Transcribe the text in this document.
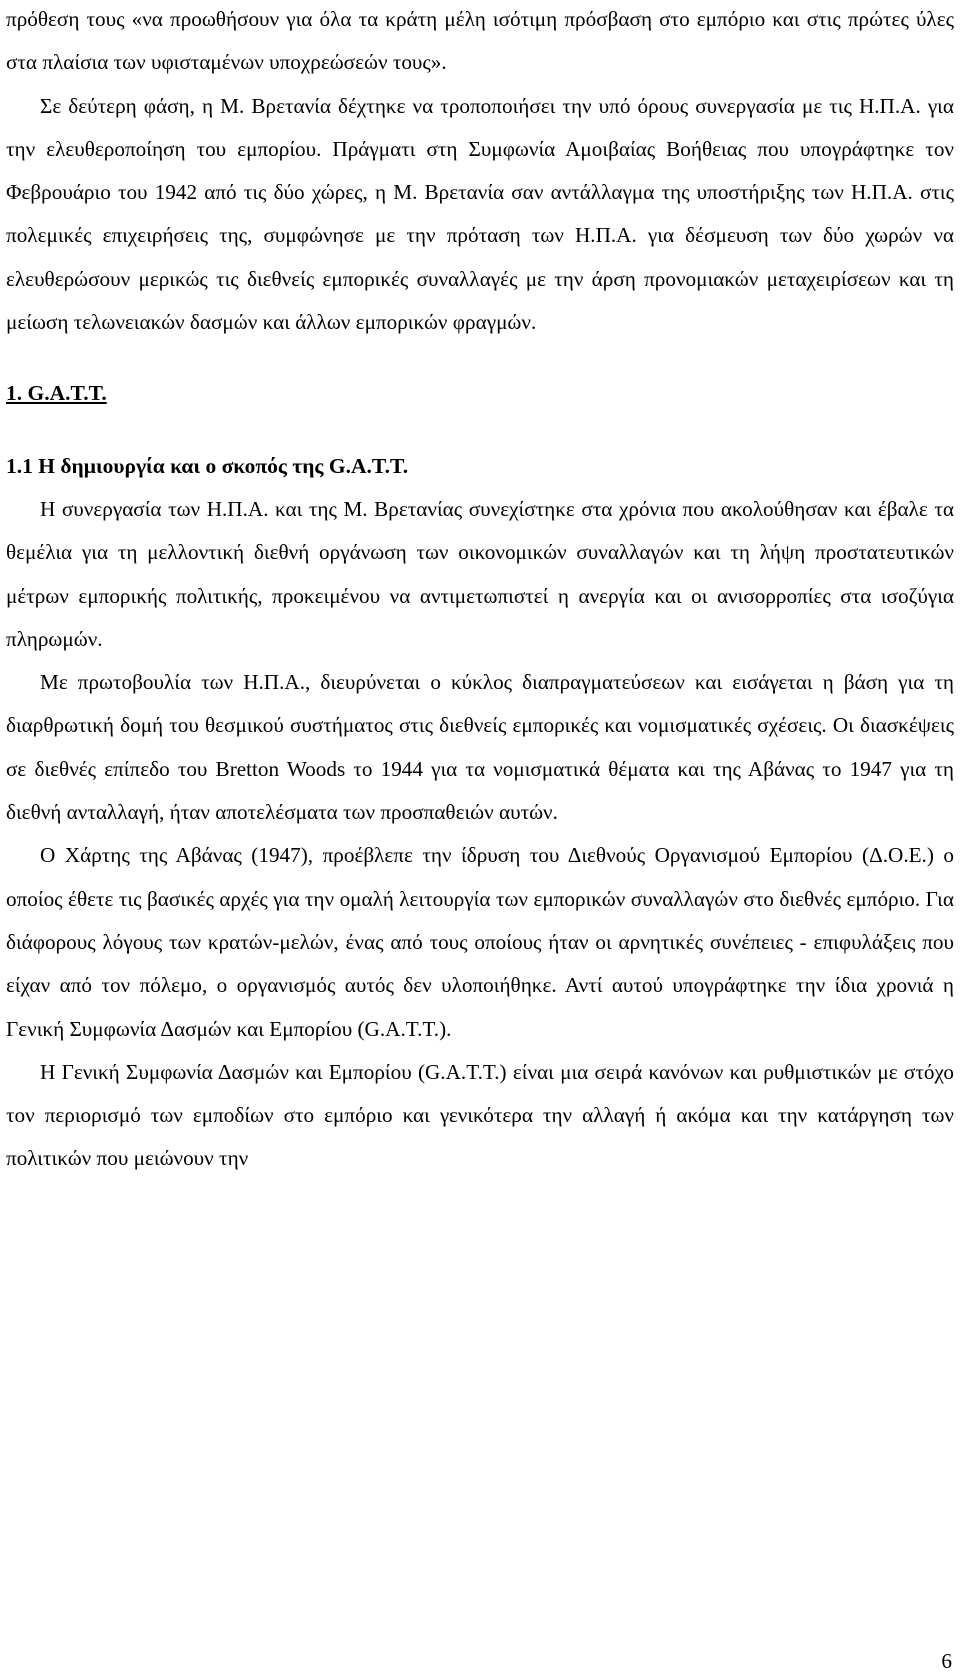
πρόθεση τους «να προωθήσουν για όλα τα κράτη μέλη ισότιμη πρόσβαση στο εμπόριο και στις πρώτες ύλες στα πλαίσια των υφισταμένων υποχρεώσεών τους».

Σε δεύτερη φάση, η Μ. Βρετανία δέχτηκε να τροποποιήσει την υπό όρους συνεργασία με τις Η.Π.Α. για την ελευθεροποίηση του εμπορίου. Πράγματι στη Συμφωνία Αμοιβαίας Βοήθειας που υπογράφτηκε τον Φεβρουάριο του 1942 από τις δύο χώρες, η Μ. Βρετανία σαν αντάλλαγμα της υποστήριξης των Η.Π.Α. στις πολεμικές επιχειρήσεις της, συμφώνησε με την πρόταση των Η.Π.Α. για δέσμευση των δύο χωρών να ελευθερώσουν μερικώς τις διεθνείς εμπορικές συναλλαγές με την άρση προνομιακών μεταχειρίσεων και τη μείωση τελωνειακών δασμών και άλλων εμπορικών φραγμών.

1. G.A.T.T.
1.1 Η δημιουργία και ο σκοπός της G.A.T.T.

Η συνεργασία των Η.Π.Α. και της Μ. Βρετανίας συνεχίστηκε στα χρόνια που ακολούθησαν και έβαλε τα θεμέλια για τη μελλοντική διεθνή οργάνωση των οικονομικών συναλλαγών και τη λήψη προστατευτικών μέτρων εμπορικής πολιτικής, προκειμένου να αντιμετωπιστεί η ανεργία και οι ανισορροπίες στα ισοζύγια πληρωμών.

Με πρωτοβουλία των Η.Π.Α., διευρύνεται ο κύκλος διαπραγματεύσεων και εισάγεται η βάση για τη διαρθρωτική δομή του θεσμικού συστήματος στις διεθνείς εμπορικές και νομισματικές σχέσεις. Οι διασκέψεις σε διεθνές επίπεδο του Bretton Woods το 1944 για τα νομισματικά θέματα και της Αβάνας το 1947 για τη διεθνή ανταλλαγή, ήταν αποτελέσματα των προσπαθειών αυτών.

Ο Χάρτης της Αβάνας (1947), προέβλεπε την ίδρυση του Διεθνούς Οργανισμού Εμπορίου (Δ.Ο.Ε.) ο οποίος έθετε τις βασικές αρχές για την ομαλή λειτουργία των εμπορικών συναλλαγών στο διεθνές εμπόριο. Για διάφορους λόγους των κρατών-μελών, ένας από τους οποίους ήταν οι αρνητικές συνέπειες - επιφυλάξεις που είχαν από τον πόλεμο, ο οργανισμός αυτός δεν υλοποιήθηκε. Αντί αυτού υπογράφτηκε την ίδια χρονιά η Γενική Συμφωνία Δασμών και Εμπορίου (G.A.T.T.).

Η Γενική Συμφωνία Δασμών και Εμπορίου (G.A.T.T.) είναι μια σειρά κανόνων και ρυθμιστικών με στόχο τον περιορισμό των εμποδίων στο εμπόριο και γενικότερα την αλλαγή ή ακόμα και την κατάργηση των πολιτικών που μειώνουν την

6
